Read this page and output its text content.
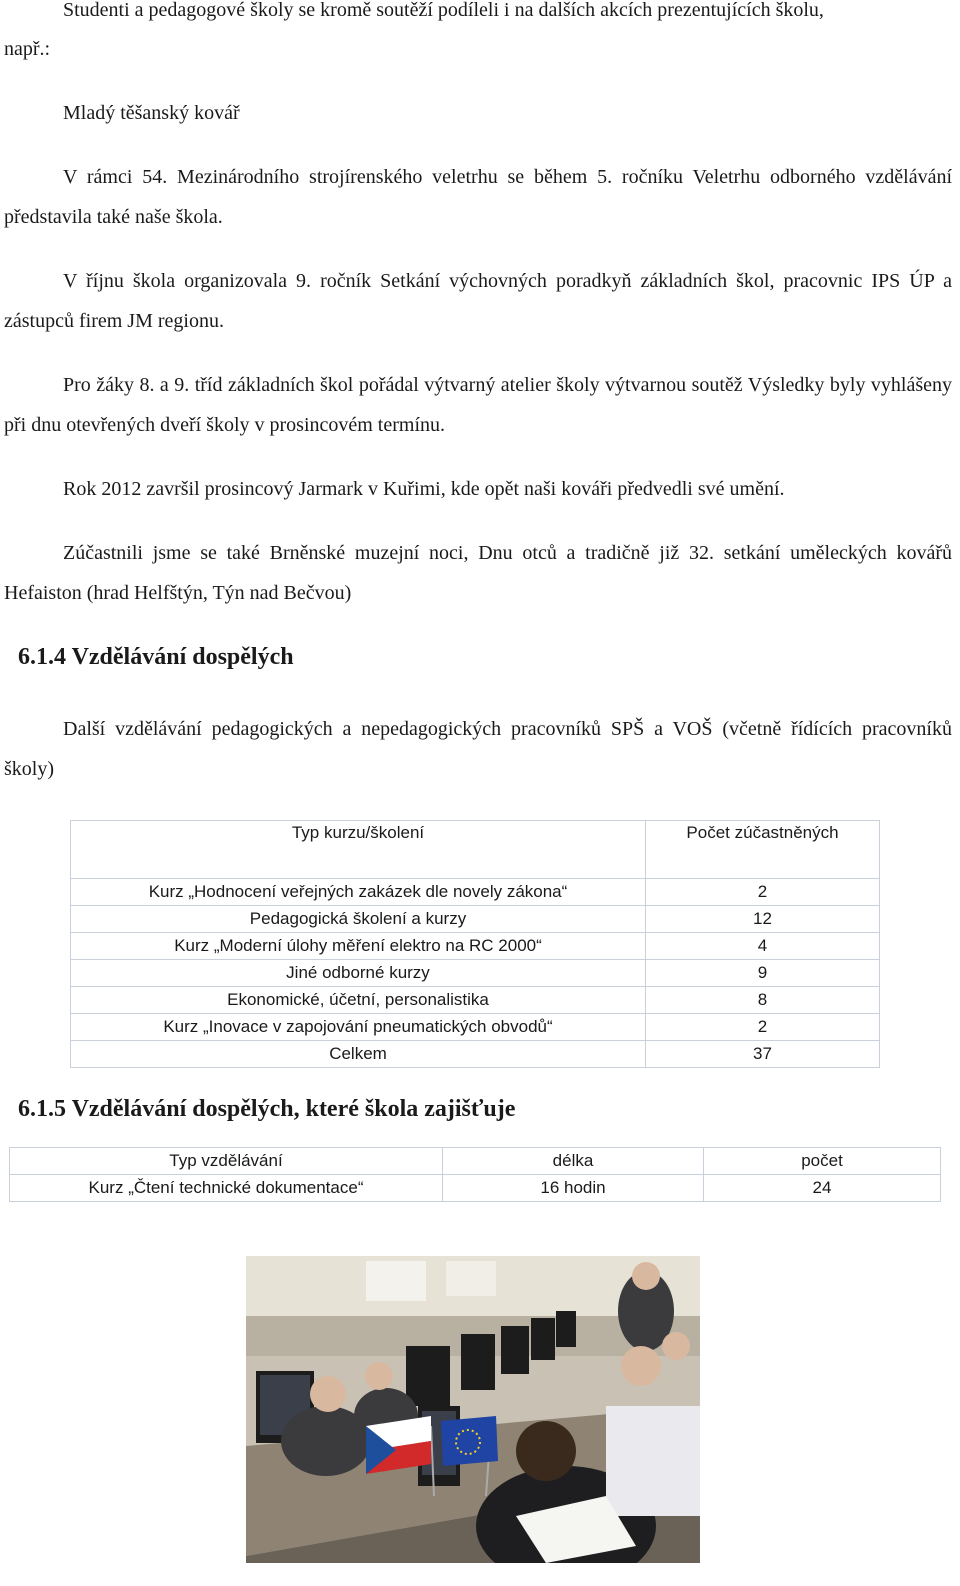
Studenti a pedagogové školy se kromě soutěží podíleli i na dalších akcích prezentujících školu,

např.:

Mladý těšanský kovář

V rámci 54. Mezinárodního strojírenského veletrhu se během 5. ročníku Veletrhu odborného vzdělávání představila také naše škola.

V říjnu škola organizovala 9. ročník Setkání výchovných poradkyň základních škol, pracovnic IPS ÚP a zástupců firem JM regionu.

Pro žáky 8. a 9. tříd základních škol pořádal výtvarný atelier školy výtvarnou soutěž Výsledky byly vyhlášeny při dnu otevřených dveří školy v prosincovém termínu.

Rok 2012 završil prosincový Jarmark v Kuřimi, kde opět naši kováři předvedli své umění.

Zúčastnili jsme se také Brněnské muzejní noci, Dnu otců a tradičně již 32. setkání uměleckých kovářů Hefaiston (hrad Helfštýn, Týn nad Bečvou)

6.1.4 Vzdělávání dospělých

Další vzdělávání pedagogických a nepedagogických pracovníků SPŠ a VOŠ (včetně řídících pracovníků školy)

Typ kurzu/školení	Počet zúčastněných
Kurz „Hodnocení veřejných zakázek dle novely zákona“	2
Pedagogická školení a kurzy	12
Kurz „Moderní úlohy měření elektro na RC 2000“	4
Jiné odborné kurzy	9
Ekonomické, účetní, personalistika	8
Kurz „Inovace v zapojování pneumatických obvodů“	2
Celkem	37
6.1.5 Vzdělávání dospělých, které škola zajišťuje
Typ vzdělávání	délka	počet
Kurz „Čtení technické dokumentace“	16 hodin	24
